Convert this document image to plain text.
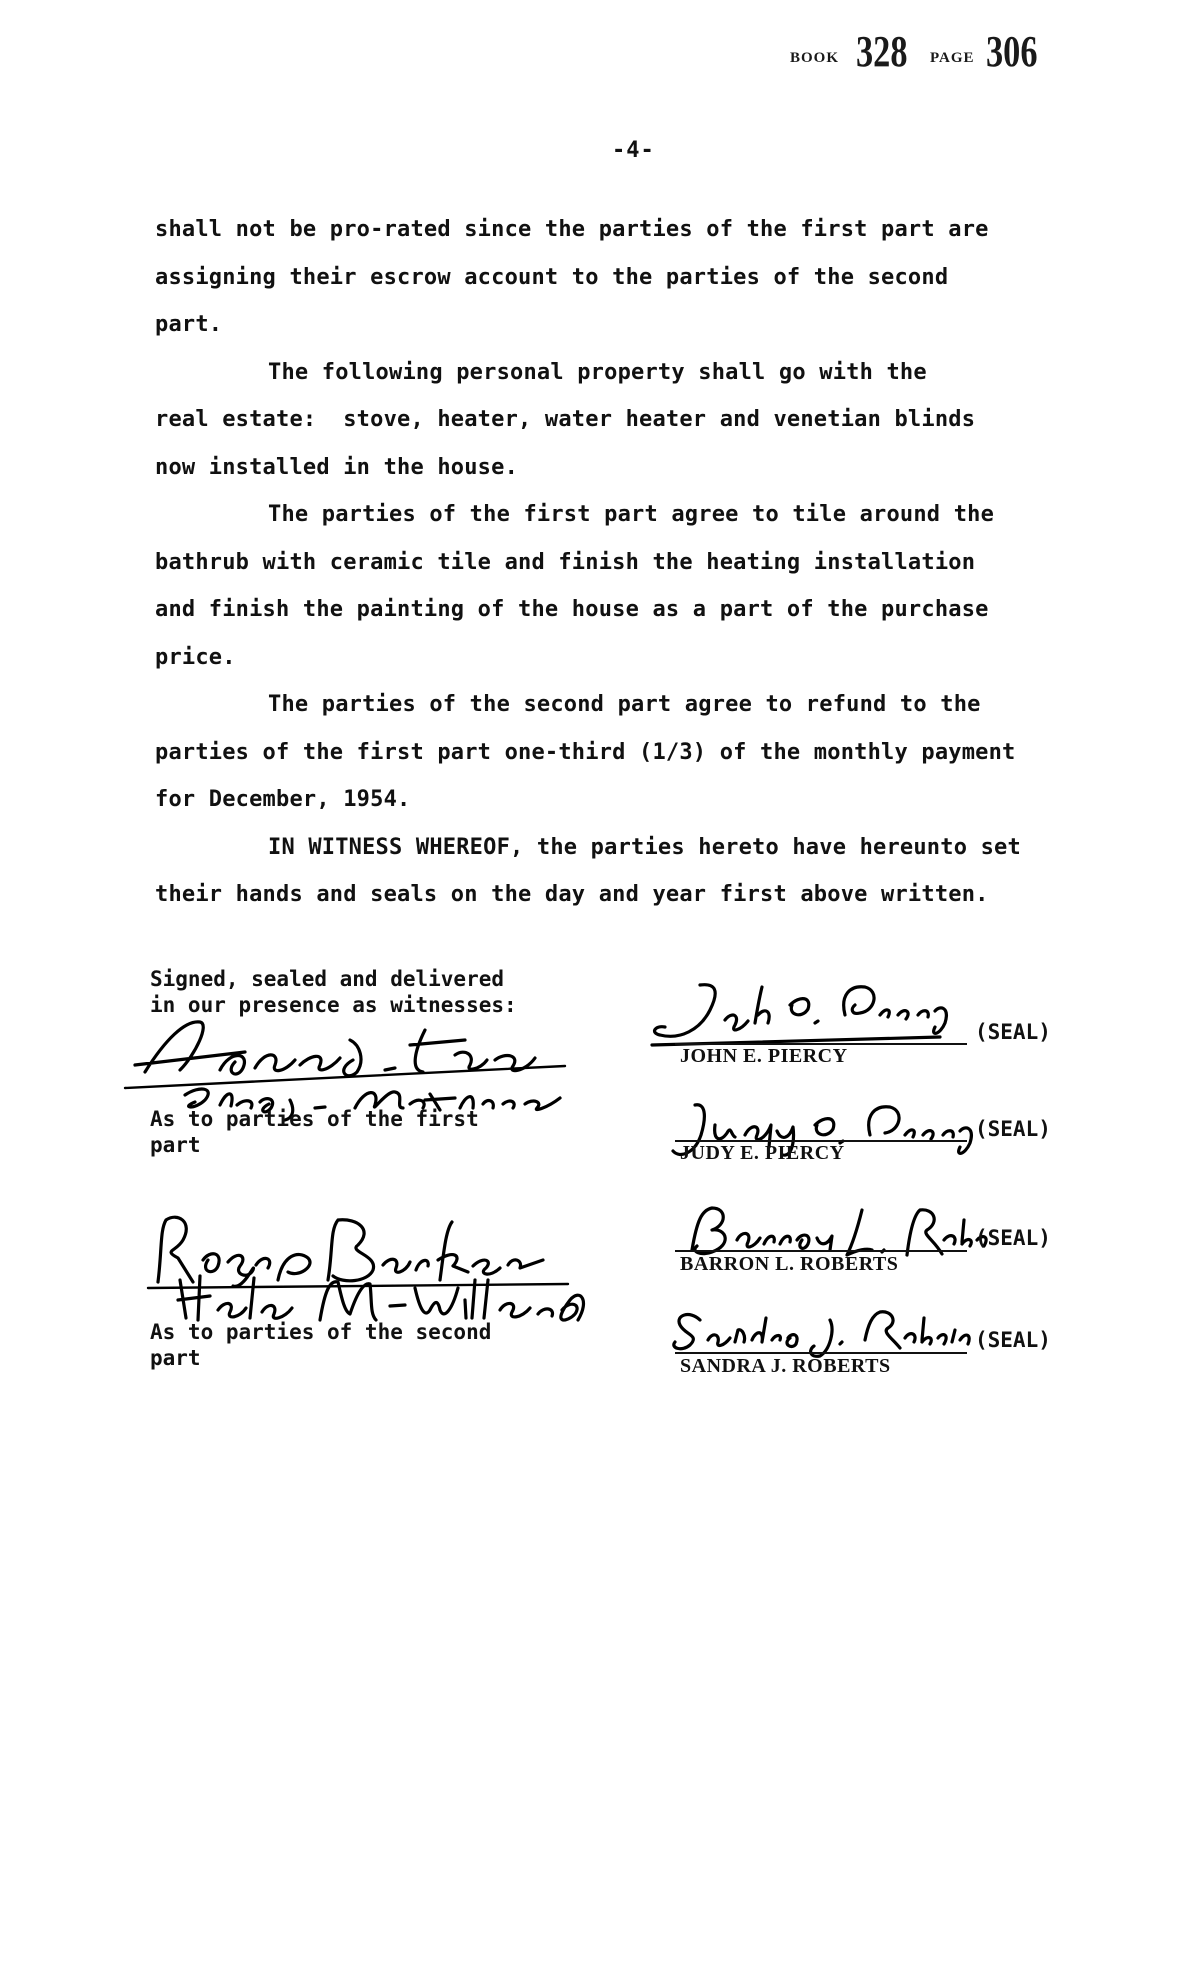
BOOK 328 PAGE 306
-4-

shall not be pro-rated since the parties of the first part are

assigning their escrow account to the parties of the second

part.

The following personal property shall go with the

real estate:  stove, heater, water heater and venetian blinds

now installed in the house.

The parties of the first part agree to tile around the

bathrub with ceramic tile and finish the heating installation

and finish the painting of the house as a part of the purchase

price.

The parties of the second part agree to refund to the

parties of the first part one-third (1/3) of the monthly payment

for December, 1954.

IN WITNESS WHEREOF, the parties hereto have hereunto set

their hands and seals on the day and year first above written.

Signed, sealed and delivered
in our presence as witnesses:
As to parties of the first
part
As to parties of the second
part
JOHN E. PIERCY
(SEAL)
JUDY E. PIERCY
(SEAL)
BARRON L. ROBERTS
(SEAL)
SANDRA J. ROBERTS
(SEAL)
